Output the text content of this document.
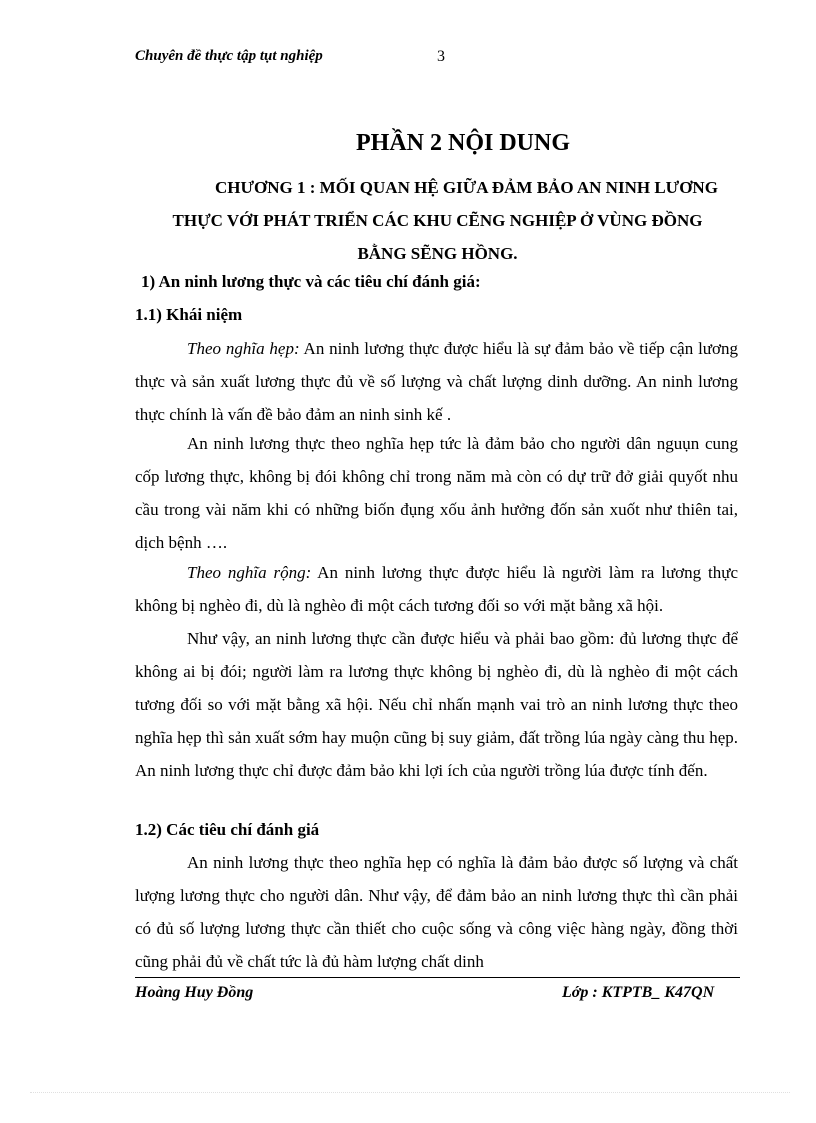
Chuyên đề thực tập tụt nghiệp	3
PHẦN 2 NỘI DUNG
CHƯƠNG 1 : MỐI QUAN HỆ GIỮA ĐẢM BẢO AN NINH LƯƠNG
THỰC VỚI PHÁT TRIỂN CÁC KHU CẼNG NGHIỆP Ở VÙNG ĐỒNG
BẰNG SẼNG HỒNG.
1) An ninh lương thực và các tiêu chí đánh giá:
1.1) Khái niệm

Theo nghĩa hẹp: An ninh lương thực được hiểu là sự đảm bảo về tiếp cận lương thực và sản xuất lương thực đủ về số lượng và chất lượng dinh dưỡng. An ninh lương thực chính là vấn đề bảo đảm an ninh sinh kế .

An ninh lương thực theo nghĩa hẹp tức là đảm bảo cho người dân nguụn cung cốp lương thực, không bị đói không chỉ trong năm mà còn có dự trữ đở giải quyốt nhu cầu trong vài năm khi có những biốn đụng xốu ảnh hưởng đốn sản xuốt như thiên tai, dịch bệnh ….

Theo nghĩa rộng: An ninh lương thực được hiểu là người làm ra lương thực không bị nghèo đi, dù là nghèo đi một cách tương đối so với mặt bằng xã hội.

Như vậy, an ninh lương thực cần được hiểu và phải bao gồm: đủ lương thực để không ai bị đói; người làm ra lương thực không bị nghèo đi, dù là nghèo đi một cách tương đối so với mặt bằng xã hội. Nếu chỉ nhấn mạnh vai trò an ninh lương thực theo nghĩa hẹp thì sản xuất sớm hay muộn cũng bị suy giảm, đất trồng lúa ngày càng thu hẹp. An ninh lương thực chỉ được đảm bảo khi lợi ích của người trồng lúa được tính đến.

1.2) Các tiêu chí đánh giá

An ninh lương thực theo nghĩa hẹp có nghĩa là đảm bảo được số lượng và chất lượng lương thực cho người dân. Như vậy, để đảm bảo an ninh lương thực thì cần phải có đủ số lượng lương thực cần thiết cho cuộc sống và công việc hàng ngày, đồng thời cũng phải đủ về chất tức là đủ hàm lượng chất dinh

Hoàng Huy Đồng	Lớp : KTPTB_ K47QN
